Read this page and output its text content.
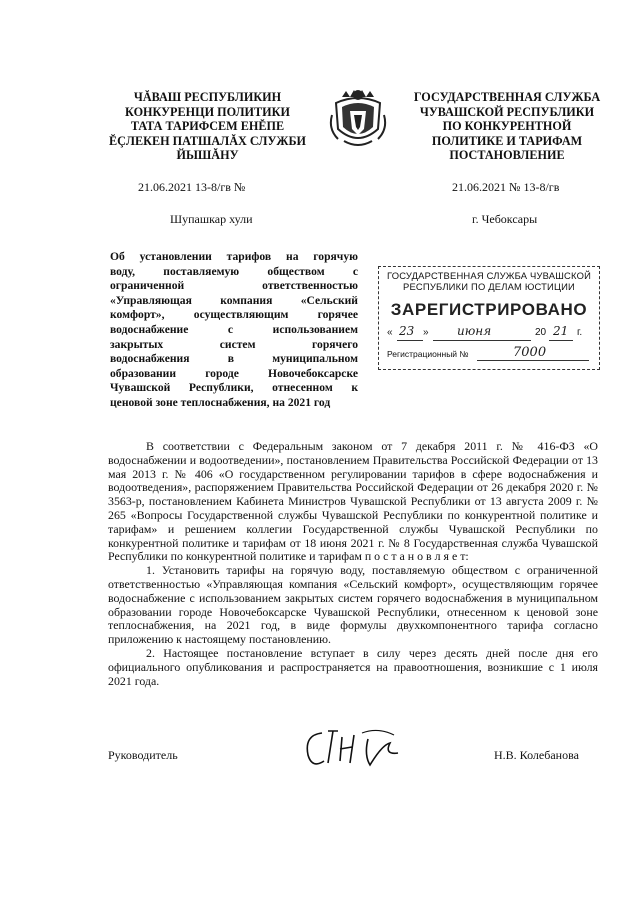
ЧĂВАШ РЕСПУБЛИКИН
КОНКУРЕНЦИ ПОЛИТИКИ
ТАТА ТАРИФСЕМ ЕНĔПЕ
ĔÇЛЕКЕН ПАТШАЛĂХ СЛУЖБИ
ЙЫШĂНУ
ГОСУДАРСТВЕННАЯ СЛУЖБА
ЧУВАШСКОЙ РЕСПУБЛИКИ
ПО КОНКУРЕНТНОЙ
ПОЛИТИКЕ И ТАРИФАМ
ПОСТАНОВЛЕНИЕ
21.06.2021 13-8/гв №	21.06.2021 № 13-8/гв
Шупашкар хули	г. Чебоксары
Об установлении тарифов на горячую
воду, поставляемую обществом с
ограниченной ответственностью
«Управляющая компания «Сельский
комфорт», осуществляющим горячее
водоснабжение с использованием
закрытых систем горячего
водоснабжения в муниципальном
образовании городе Новочебоксарске
Чувашской Республики, отнесенном к
ценовой зоне теплоснабжения, на 2021 год
ГОСУДАРСТВЕННАЯ СЛУЖБА ЧУВАШСКОЙ
РЕСПУБЛИКИ ПО ДЕЛАМ ЮСТИЦИИ
ЗАРЕГИСТРИРОВАНО
« 23 » июня	20 21 г.
Регистрационный №	7000

В соответствии с Федеральным законом от 7 декабря 2011 г. № 416-ФЗ «О водоснабжении и водоотведении», постановлением Правительства Российской Федерации от 13 мая 2013 г. № 406 «О государственном регулировании тарифов в сфере водоснабжения и водоотведения», распоряжением Правительства Российской Федерации от 26 декабря 2020 г. № 3563-р, постановлением Кабинета Министров Чувашской Республики от 13 августа 2009 г. № 265 «Вопросы Государственной службы Чувашской Республики по конкурентной политике и тарифам» и решением коллегии Государственной службы Чувашской Республики по конкурентной политике и тарифам от 18 июня 2021 г. № 8 Государственная служба Чувашской Республики по конкурентной политике и тарифам п о с т а н о в л я е т:

1. Установить тарифы на горячую воду, поставляемую обществом с ограниченной ответственностью «Управляющая компания «Сельский комфорт», осуществляющим горячее водоснабжение с использованием закрытых систем горячего водоснабжения в муниципальном образовании городе Новочебоксарске Чувашской Республики, отнесенном к ценовой зоне теплоснабжения, на 2021 год, в виде формулы двухкомпонентного тарифа согласно приложению к настоящему постановлению.

2. Настоящее постановление вступает в силу через десять дней после дня его официального опубликования и распространяется на правоотношения, возникшие с 1 июля 2021 года.

Руководитель	Н.В. Колебанова
